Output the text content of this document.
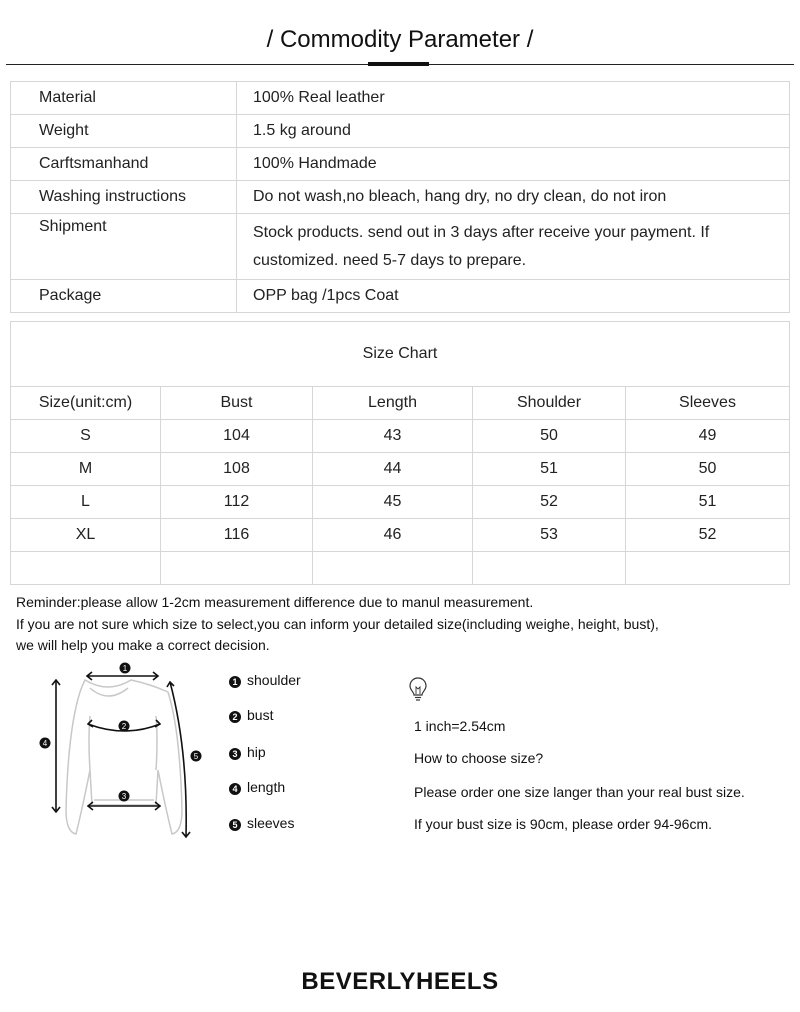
/ Commodity Parameter /
Material	100% Real leather
Weight	1.5 kg around
Carftsmanhand	100% Handmade
Washing instructions	Do not wash,no bleach, hang dry, no dry clean, do not iron
Shipment	Stock products. send out in 3 days after receive your payment. If customized. need 5-7 days to prepare.
Package	OPP bag /1pcs Coat
Size Chart				
Size(unit:cm)	Bust	Length	Shoulder	Sleeves
S	104	43	50	49
M	108	44	51	50
L	112	45	52	51
XL	116	46	53	52

Reminder:please allow 1-2cm measurement difference due to manul measurement.
If you are not sure which size to select,you can inform your detailed size(including weighe, height, bust),
we will help you make a correct decision.
1
2
3
4
5
1 shoulder
2 bust
3 hip
4 length
5 sleeves
1 inch=2.54cm
How to choose size?
Please order one size langer than your real bust size.
If your bust size is 90cm, please order 94-96cm.
BEVERLYHEELS
